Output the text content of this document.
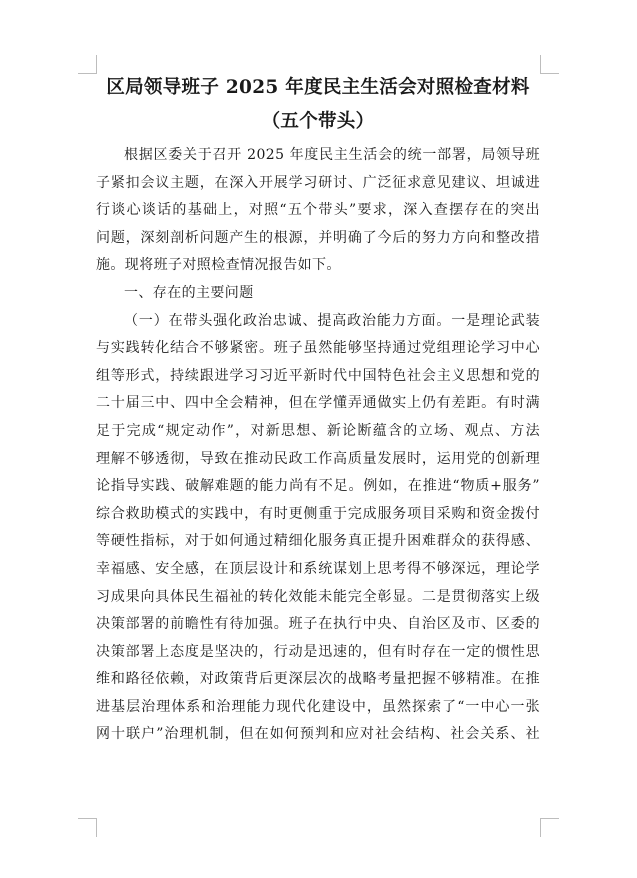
区局领导班子 2025 年度民主生活会对照检查材料
（五个带头）
根据区委关于召开 2025 年度民主生活会的统一部署，局领导班
子紧扣会议主题，在深入开展学习研讨、广泛征求意见建议、坦诚进
行谈心谈话的基础上，对照“五个带头”要求，深入查摆存在的突出
问题，深刻剖析问题产生的根源，并明确了今后的努力方向和整改措
施。现将班子对照检查情况报告如下。
一、存在的主要问题
（一）在带头强化政治忠诚、提高政治能力方面。一是理论武装
与实践转化结合不够紧密。班子虽然能够坚持通过党组理论学习中心
组等形式，持续跟进学习习近平新时代中国特色社会主义思想和党的
二十届三中、四中全会精神，但在学懂弄通做实上仍有差距。有时满
足于完成“规定动作”，对新思想、新论断蕴含的立场、观点、方法
理解不够透彻，导致在推动民政工作高质量发展时，运用党的创新理
论指导实践、破解难题的能力尚有不足。例如，在推进“物质+服务”
综合救助模式的实践中，有时更侧重于完成服务项目采购和资金拨付
等硬性指标，对于如何通过精细化服务真正提升困难群众的获得感、
幸福感、安全感，在顶层设计和系统谋划上思考得不够深远，理论学
习成果向具体民生福祉的转化效能未能完全彰显。二是贯彻落实上级
决策部署的前瞻性有待加强。班子在执行中央、自治区及市、区委的
决策部署上态度是坚决的，行动是迅速的，但有时存在一定的惯性思
维和路径依赖，对政策背后更深层次的战略考量把握不够精准。在推
进基层治理体系和治理能力现代化建设中，虽然探索了“一中心一张
网十联户”治理机制，但在如何预判和应对社会结构、社会关系、社
